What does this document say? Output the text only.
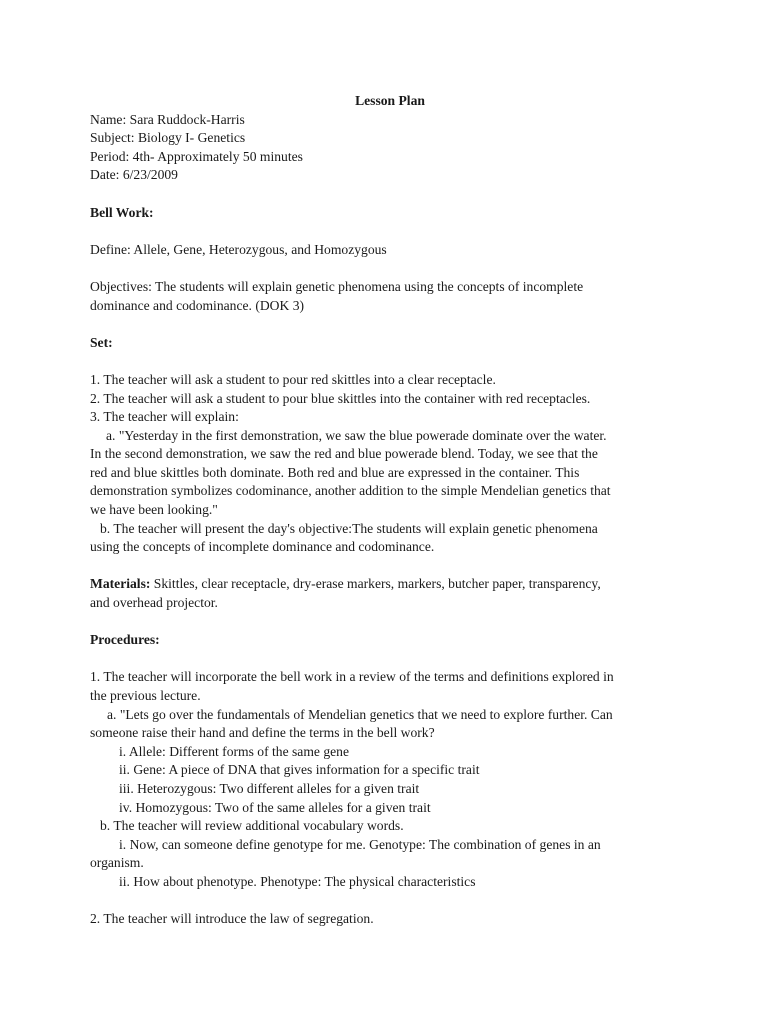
Lesson Plan

Name: Sara Ruddock-Harris

Subject: Biology I- Genetics

Period: 4th- Approximately 50 minutes

Date: 6/23/2009

Bell Work:

Define: Allele, Gene, Heterozygous, and Homozygous

Objectives: The students will explain genetic phenomena using the concepts of incomplete

dominance and codominance. (DOK 3)

Set:

1. The teacher will ask a student to pour red skittles into a clear receptacle.

2. The teacher will ask a student to pour blue skittles into the container with red receptacles.

3. The teacher will explain:

a. "Yesterday in the first demonstration, we saw the blue powerade dominate over the water.

In the second demonstration, we saw the red and blue powerade blend. Today, we see that the

red and blue skittles both dominate. Both red and blue are expressed in the container. This

demonstration symbolizes codominance, another addition to the simple Mendelian genetics that

we have been looking."

b. The teacher will present the day's objective:The students will explain genetic phenomena

using the concepts of incomplete dominance and codominance.

Materials: Skittles, clear receptacle, dry-erase markers, markers, butcher paper, transparency,

and overhead projector.

Procedures:

1. The teacher will incorporate the bell work in a review of the terms and definitions explored in

the previous lecture.

a. "Lets go over the fundamentals of Mendelian genetics that we need to explore further. Can

someone raise their hand and define the terms in the bell work?

i. Allele: Different forms of the same gene

ii. Gene: A piece of DNA that gives information for a specific trait

iii. Heterozygous: Two different alleles for a given trait

iv. Homozygous: Two of the same alleles for a given trait

b. The teacher will review additional vocabulary words.

i. Now, can someone define genotype for me. Genotype: The combination of genes in an

organism.

ii. How about phenotype. Phenotype: The physical characteristics

2. The teacher will introduce the law of segregation.
